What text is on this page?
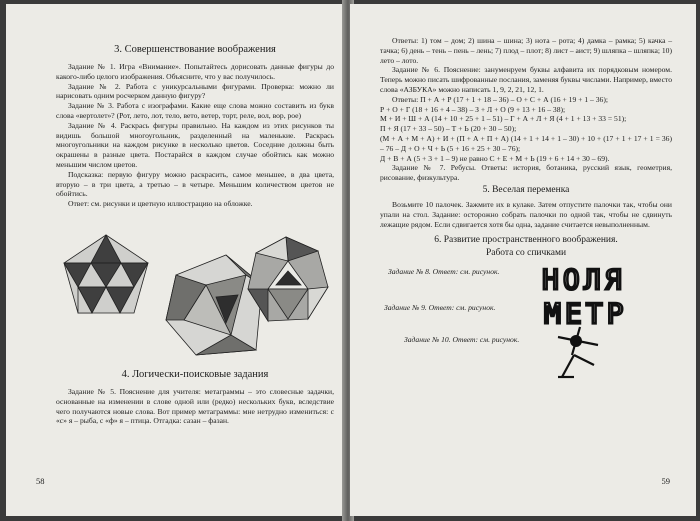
3. Совершенствование воображения

Задание № 1. Игра «Внимание». Попытайтесь дорисовать данные фигуры до какого-либо целого изображения. Объясните, что у вас получилось.

Задание № 2. Работа с уникурсальными фигурами. Проверка: можно ли нарисовать одним росчерком данную фигуру?

Задание № 3. Работа с изографами. Какие еще слова можно составить из букв слова «вертолет»? (Рот, лето, лот, тело, вето, ветер, торт, реле, вол, вор, рое)

Задание № 4. Раскрась фигуры правильно. На каждом из этих рисунков ты видишь большой многоугольник, разделенный на маленькие. Раскрась многоугольники на каждом рисунке в несколько цветов. Соседние должны быть окрашены в разные цвета. Постарайся в каждом случае обойтись как можно меньшим числом цветов.

Подсказка: первую фигуру можно раскрасить, самое меньшее, в два цвета, вторую – в три цвета, а третью – в четыре. Меньшим количеством цветов не обойтись.

Ответ: см. рисунки и цветную иллюстрацию на обложке.

4. Логически-поисковые задания

Задание № 5. Пояснение для учителя: метаграммы – это словесные задачки, основанные на изменении в слове одной или (редко) нескольких букв, вследствие чего получаются новые слова. Вот пример метаграммы: мне нетрудно измениться: с «с» я – рыба, с «ф» я – птица. Отгадка: сазан – фазан.

58

Ответы: 1) том – дом; 2) шина – шина; 3) нота – рота; 4) дамка – рамка; 5) качка – тачка; 6) день – тень – пень – лень; 7) плод – плот; 8) лист – аист; 9) шляпка – шляпка; 10) лето – лото.

Задание № 6. Пояснение: зануменруем буквы алфавита их порядковым номером. Теперь можно писать шифрованные послания, заменяя буквы числами. Например, вместо слова «АЗБУКА» можно написать 1, 9, 2, 21, 12, 1.

Ответы: П + А + Р (17 + 1 + 18 – 36) – О + С + А (16 + 19 + 1 – 36);

Р + О + Г (18 + 16 + 4 – 38) – З + Л + О (9 + 13 + 16 – 38);

М + И + Ш + А (14 + 10 + 25 + 1 – 51) – Г + А + Л + Я (4 + 1 + 13 + 33 = 51);

П + Я (17 + 33 – 50) – Т + Ь (20 + 30 – 50);

(М + А + М + А) + И + (П + А + П + А) (14 + 1 + 14 + 1 – 30) + 10 + (17 + 1 + 17 + 1 = 36) – 76 – Д + О + Ч + Ь (5 + 16 + 25 + 30 – 76);

Д + В + А (5 + 3 + 1 – 9) не равно С + Е + М + Ь (19 + 6 + 14 + 30 – 69).

Задание № 7. Ребусы. Ответы: история, ботаника, русский язык, геометрия, рисование, физкультура.

5. Веселая переменка

Возьмите 10 палочек. Зажмите их в кулаке. Затем отпустите палочки так, чтобы они упали на стол. Задание: осторожно собрать палочки по одной так, чтобы не сдвинуть лежащие рядом. Если сдвигается хотя бы одна, задание считается невыполненным.

6. Развитие пространственного воображения.
Работа со спичками
Задание № 8. Ответ: см. рисунок. НОЛЯ
Задание № 9. Ответ: см. рисунок. МЕТР
Задание № 10. Ответ: см. рисунок.
59
